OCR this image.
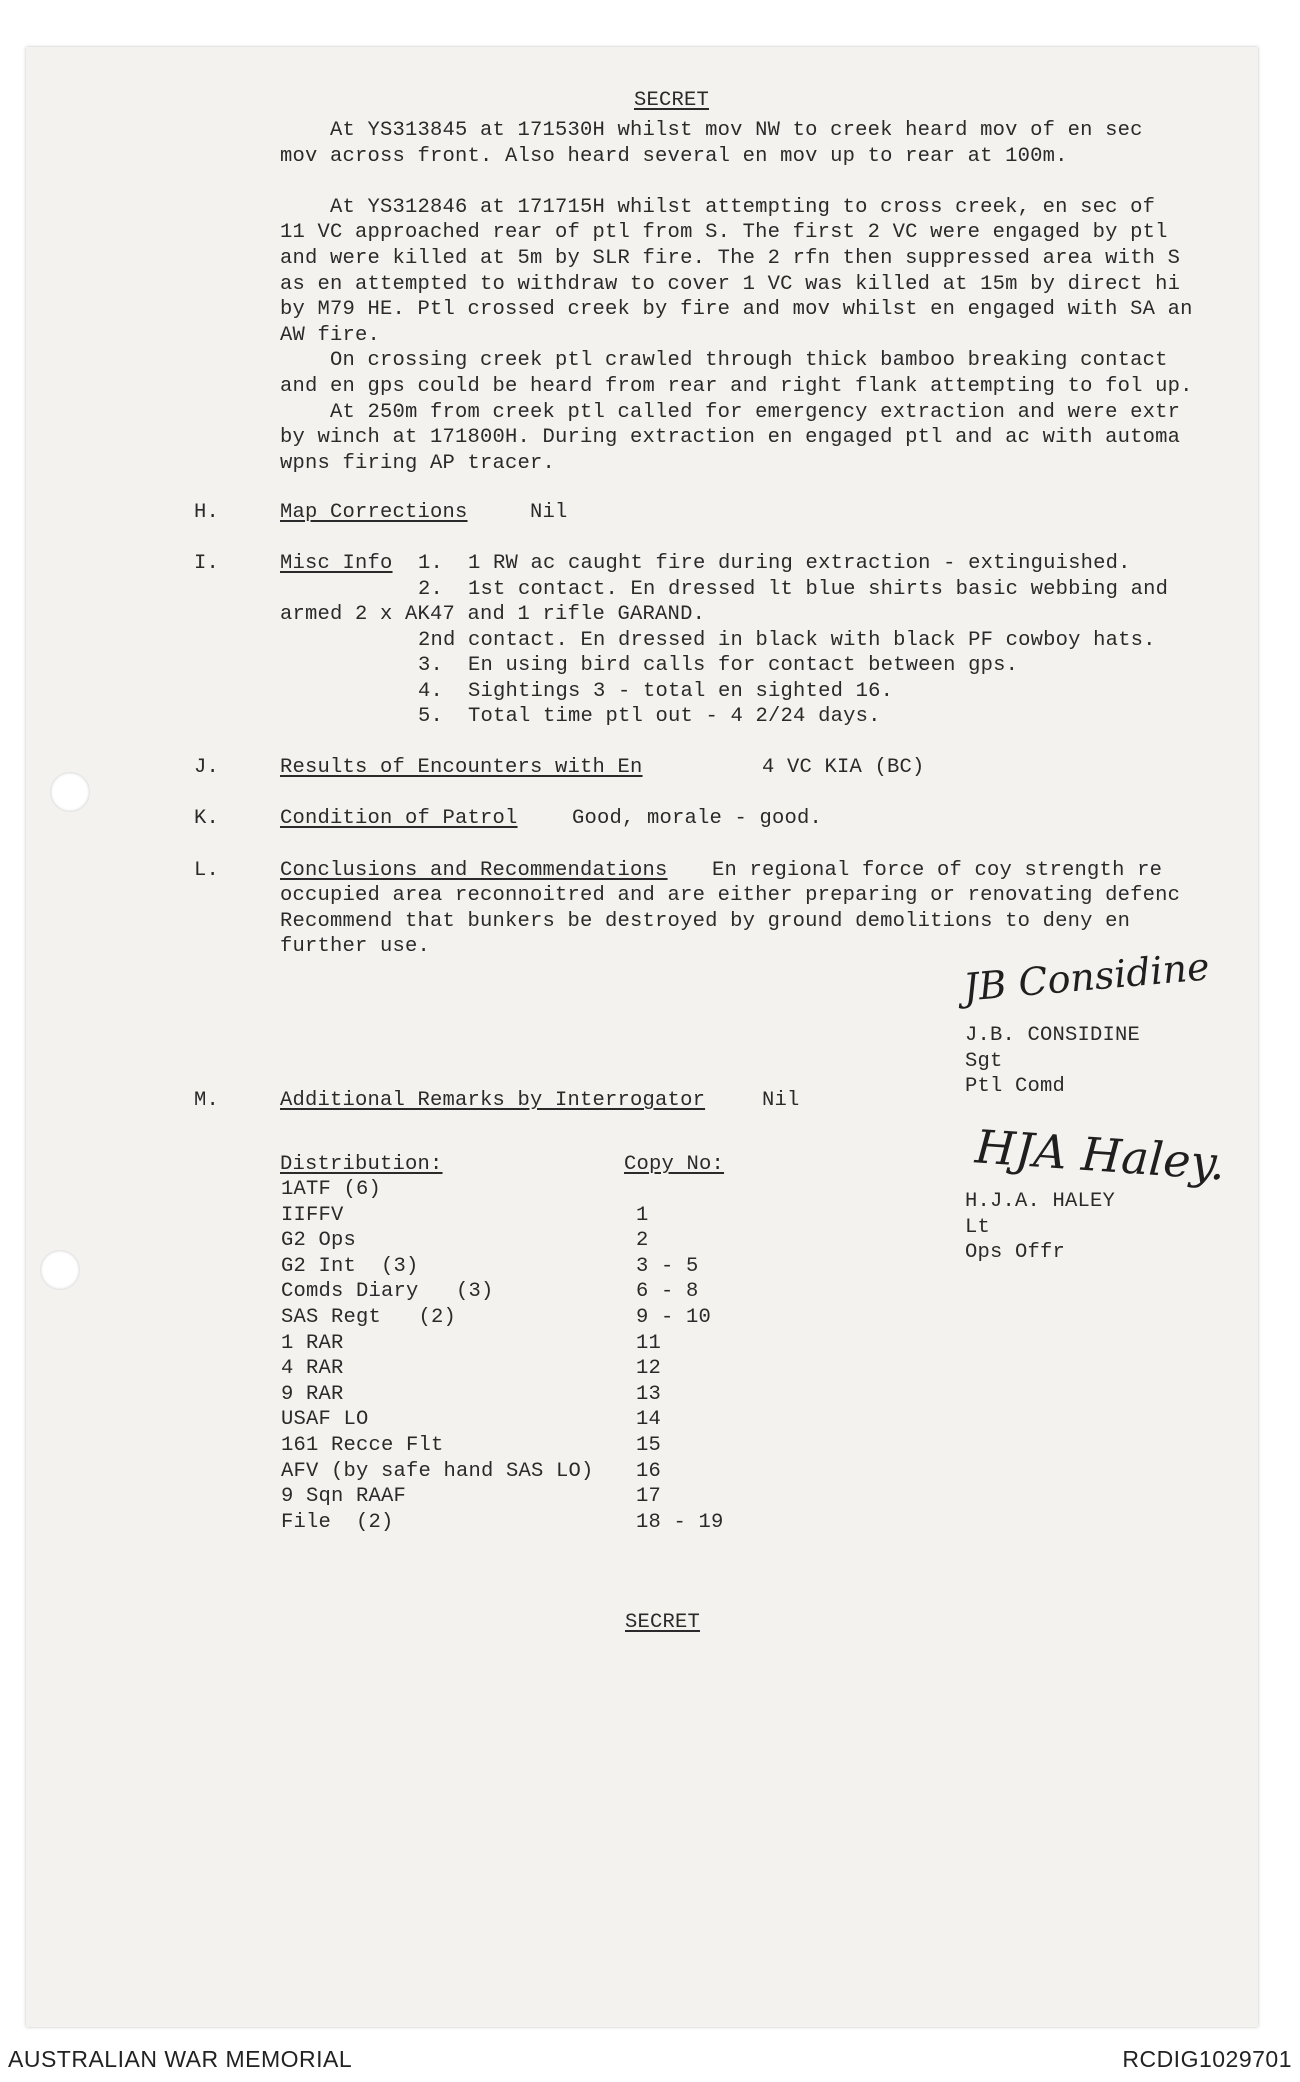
SECRET
At YS313845 at 171530H whilst mov NW to creek heard mov of en sec
mov across front. Also heard several en mov up to rear at 100m.
At YS312846 at 171715H whilst attempting to cross creek, en sec of
11 VC approached rear of ptl from S. The first 2 VC were engaged by ptl
and were killed at 5m by SLR fire. The 2 rfn then suppressed area with S
as en attempted to withdraw to cover 1 VC was killed at 15m by direct hi
by M79 HE. Ptl crossed creek by fire and mov whilst en engaged with SA an
AW fire.
On crossing creek ptl crawled through thick bamboo breaking contact
and en gps could be heard from rear and right flank attempting to fol up.
At 250m from creek ptl called for emergency extraction and were extr
by winch at 171800H. During extraction en engaged ptl and ac with automa
wpns firing AP tracer.
H.	Map Corrections	Nil
I.	Misc Info 1.  1 RW ac caught fire during extraction - extinguished.
2.  1st contact. En dressed lt blue shirts basic webbing and
armed 2 x AK47 and 1 rifle GARAND.
2nd contact. En dressed in black with black PF cowboy hats.
3.  En using bird calls for contact between gps.
4.  Sightings 3 - total en sighted 16.
5.  Total time ptl out - 4 2/24 days.
J.	Results of Encounters with En	4 VC KIA (BC)
K.	Condition of Patrol	Good, morale - good.
L.	Conclusions and Recommendations En regional force of coy strength re
occupied area reconnoitred and are either preparing or renovating defenc
Recommend that bunkers be destroyed by ground demolitions to deny en
further use.	JB Considine
J.B. CONSIDINE
Sgt
Ptl Comd
M.	Additional Remarks by Interrogator	Nil
HJA Haley.
H.J.A. HALEY
Lt
Ops Offr
Distribution:	Copy No:
1ATF (6)
IIFFV	1
G2 Ops	2
G2 Int  (3)	3 - 5
Comds Diary   (3)	6 - 8
SAS Regt   (2)	9 - 10
1 RAR	11
4 RAR	12
9 RAR	13
USAF LO	14
161 Recce Flt	15
AFV (by safe hand SAS LO) 16
9 Sqn RAAF	17
File  (2)	18 - 19
SECRET
AUSTRALIAN WAR MEMORIAL	RCDIG1029701
